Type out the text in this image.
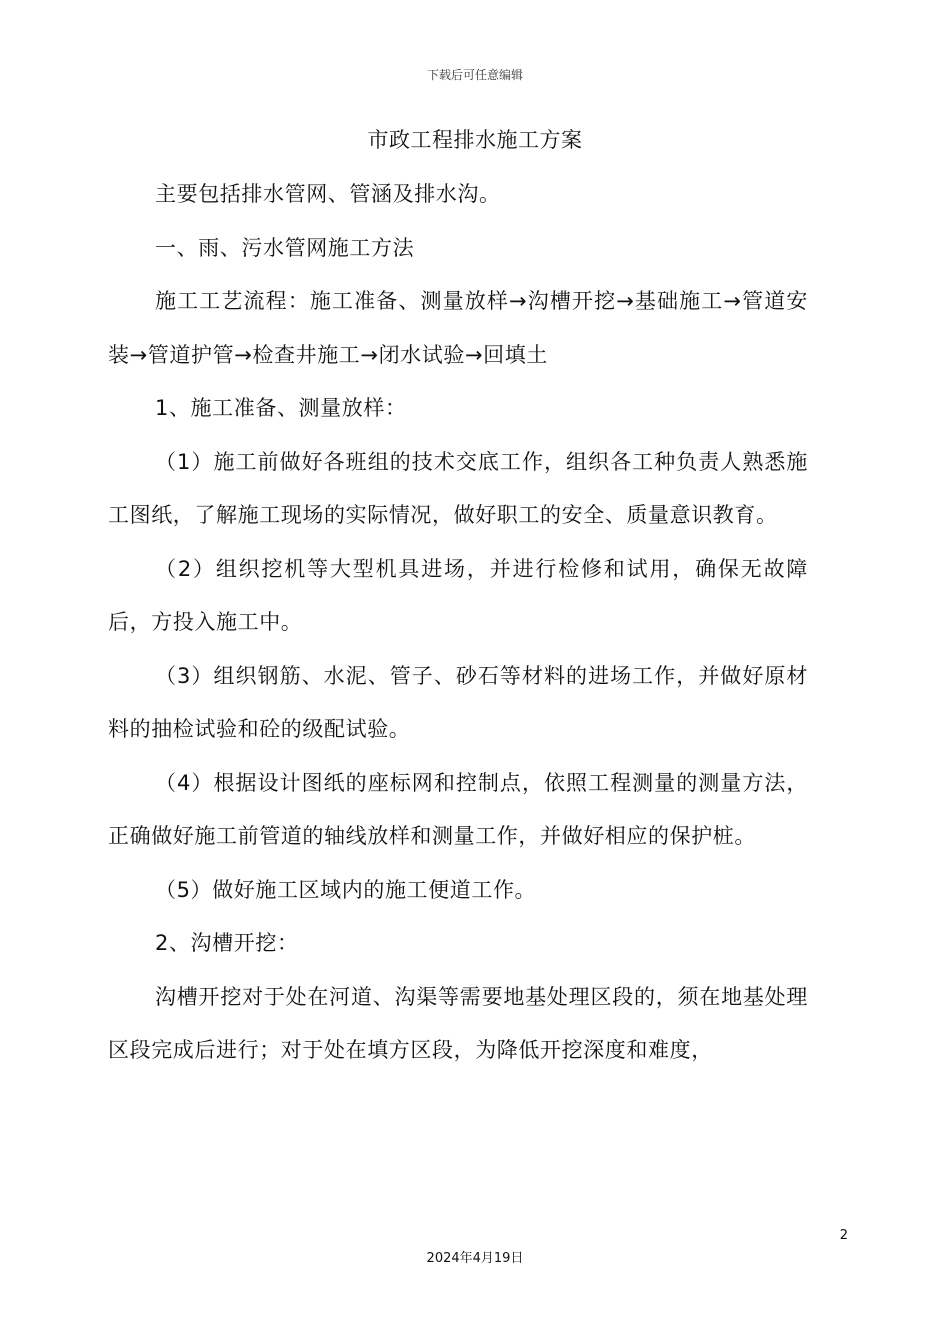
下载后可任意编辑
市政工程排水施工方案

主要包括排水管网、管涵及排水沟。

一、雨、污水管网施工方法

施工工艺流程：施工准备、测量放样→沟槽开挖→基础施工→管道安装→管道护管→检查井施工→闭水试验→回填土

1、施工准备、测量放样：

（1）施工前做好各班组的技术交底工作，组织各工种负责人熟悉施工图纸，了解施工现场的实际情况，做好职工的安全、质量意识教育。

（2）组织挖机等大型机具进场，并进行检修和试用，确保无故障后，方投入施工中。

（3）组织钢筋、水泥、管子、砂石等材料的进场工作，并做好原材料的抽检试验和砼的级配试验。

（4）根据设计图纸的座标网和控制点，依照工程测量的测量方法，正确做好施工前管道的轴线放样和测量工作，并做好相应的保护桩。

（5）做好施工区域内的施工便道工作。

2、沟槽开挖：

沟槽开挖对于处在河道、沟渠等需要地基处理区段的，须在地基处理区段完成后进行；对于处在填方区段，为降低开挖深度和难度，

2
2024年4月19日
